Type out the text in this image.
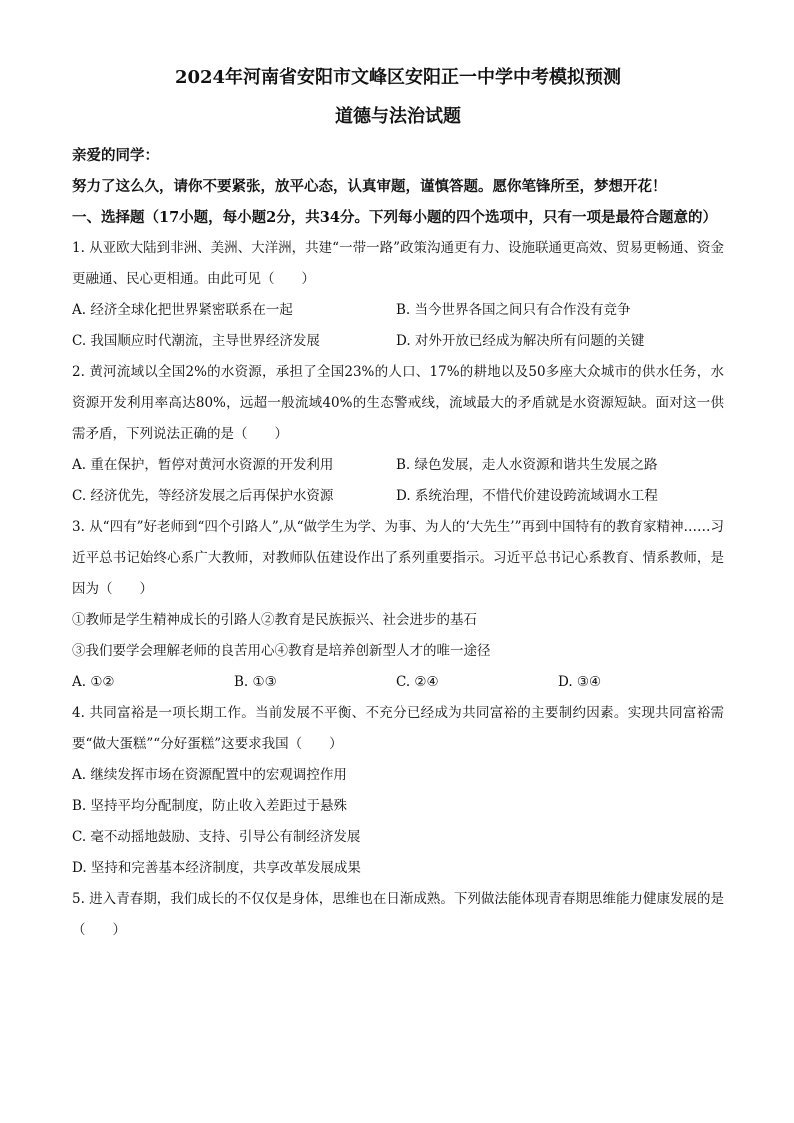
2024年河南省安阳市文峰区安阳正一中学中考模拟预测

道德与法治试题

亲爱的同学：

努力了这么久，请你不要紧张，放平心态，认真审题，谨慎答题。愿你笔锋所至，梦想开花！

一、选择题（17小题，每小题2分，共34分。下列每小题的四个选项中，只有一项是最符合题意的）

1. 从亚欧大陆到非洲、美洲、大洋洲，共建“一带一路”政策沟通更有力、设施联通更高效、贸易更畅通、资金更融通、民心更相通。由此可见（　　）

A. 经济全球化把世界紧密联系在一起	B. 当今世界各国之间只有合作没有竞争
C. 我国顺应时代潮流，主导世界经济发展	D. 对外开放已经成为解决所有问题的关键

2. 黄河流域以全国2%的水资源，承担了全国23%的人口、17%的耕地以及50多座大众城市的供水任务，水资源开发利用率高达80%，远超一般流域40%的生态警戒线，流域最大的矛盾就是水资源短缺。面对这一供需矛盾，下列说法正确的是（　　）

A. 重在保护，暂停对黄河水资源的开发利用	B. 绿色发展，走人水资源和谐共生发展之路
C. 经济优先，等经济发展之后再保护水资源	D. 系统治理，不惜代价建设跨流域调水工程

3. 从“四有”好老师到“四个引路人”,从“做学生为学、为事、为人的‘大先生’”再到中国特有的教育家精神……习近平总书记始终心系广大教师，对教师队伍建设作出了系列重要指示。习近平总书记心系教育、情系教师，是因为（　　）

①教师是学生精神成长的引路人②教育是民族振兴、社会进步的基石

③我们要学会理解老师的良苦用心④教育是培养创新型人才的唯一途径

A. ①②	B. ①③	C. ②④	D. ③④

4. 共同富裕是一项长期工作。当前发展不平衡、不充分已经成为共同富裕的主要制约因素。实现共同富裕需要“做大蛋糕”“分好蛋糕”这要求我国（　　）

A. 继续发挥市场在资源配置中的宏观调控作用

B. 坚持平均分配制度，防止收入差距过于悬殊

C. 毫不动摇地鼓励、支持、引导公有制经济发展

D. 坚持和完善基本经济制度，共享改革发展成果

5. 进入青春期，我们成长的不仅仅是身体，思维也在日渐成熟。下列做法能体现青春期思维能力健康发展的是（　　）
